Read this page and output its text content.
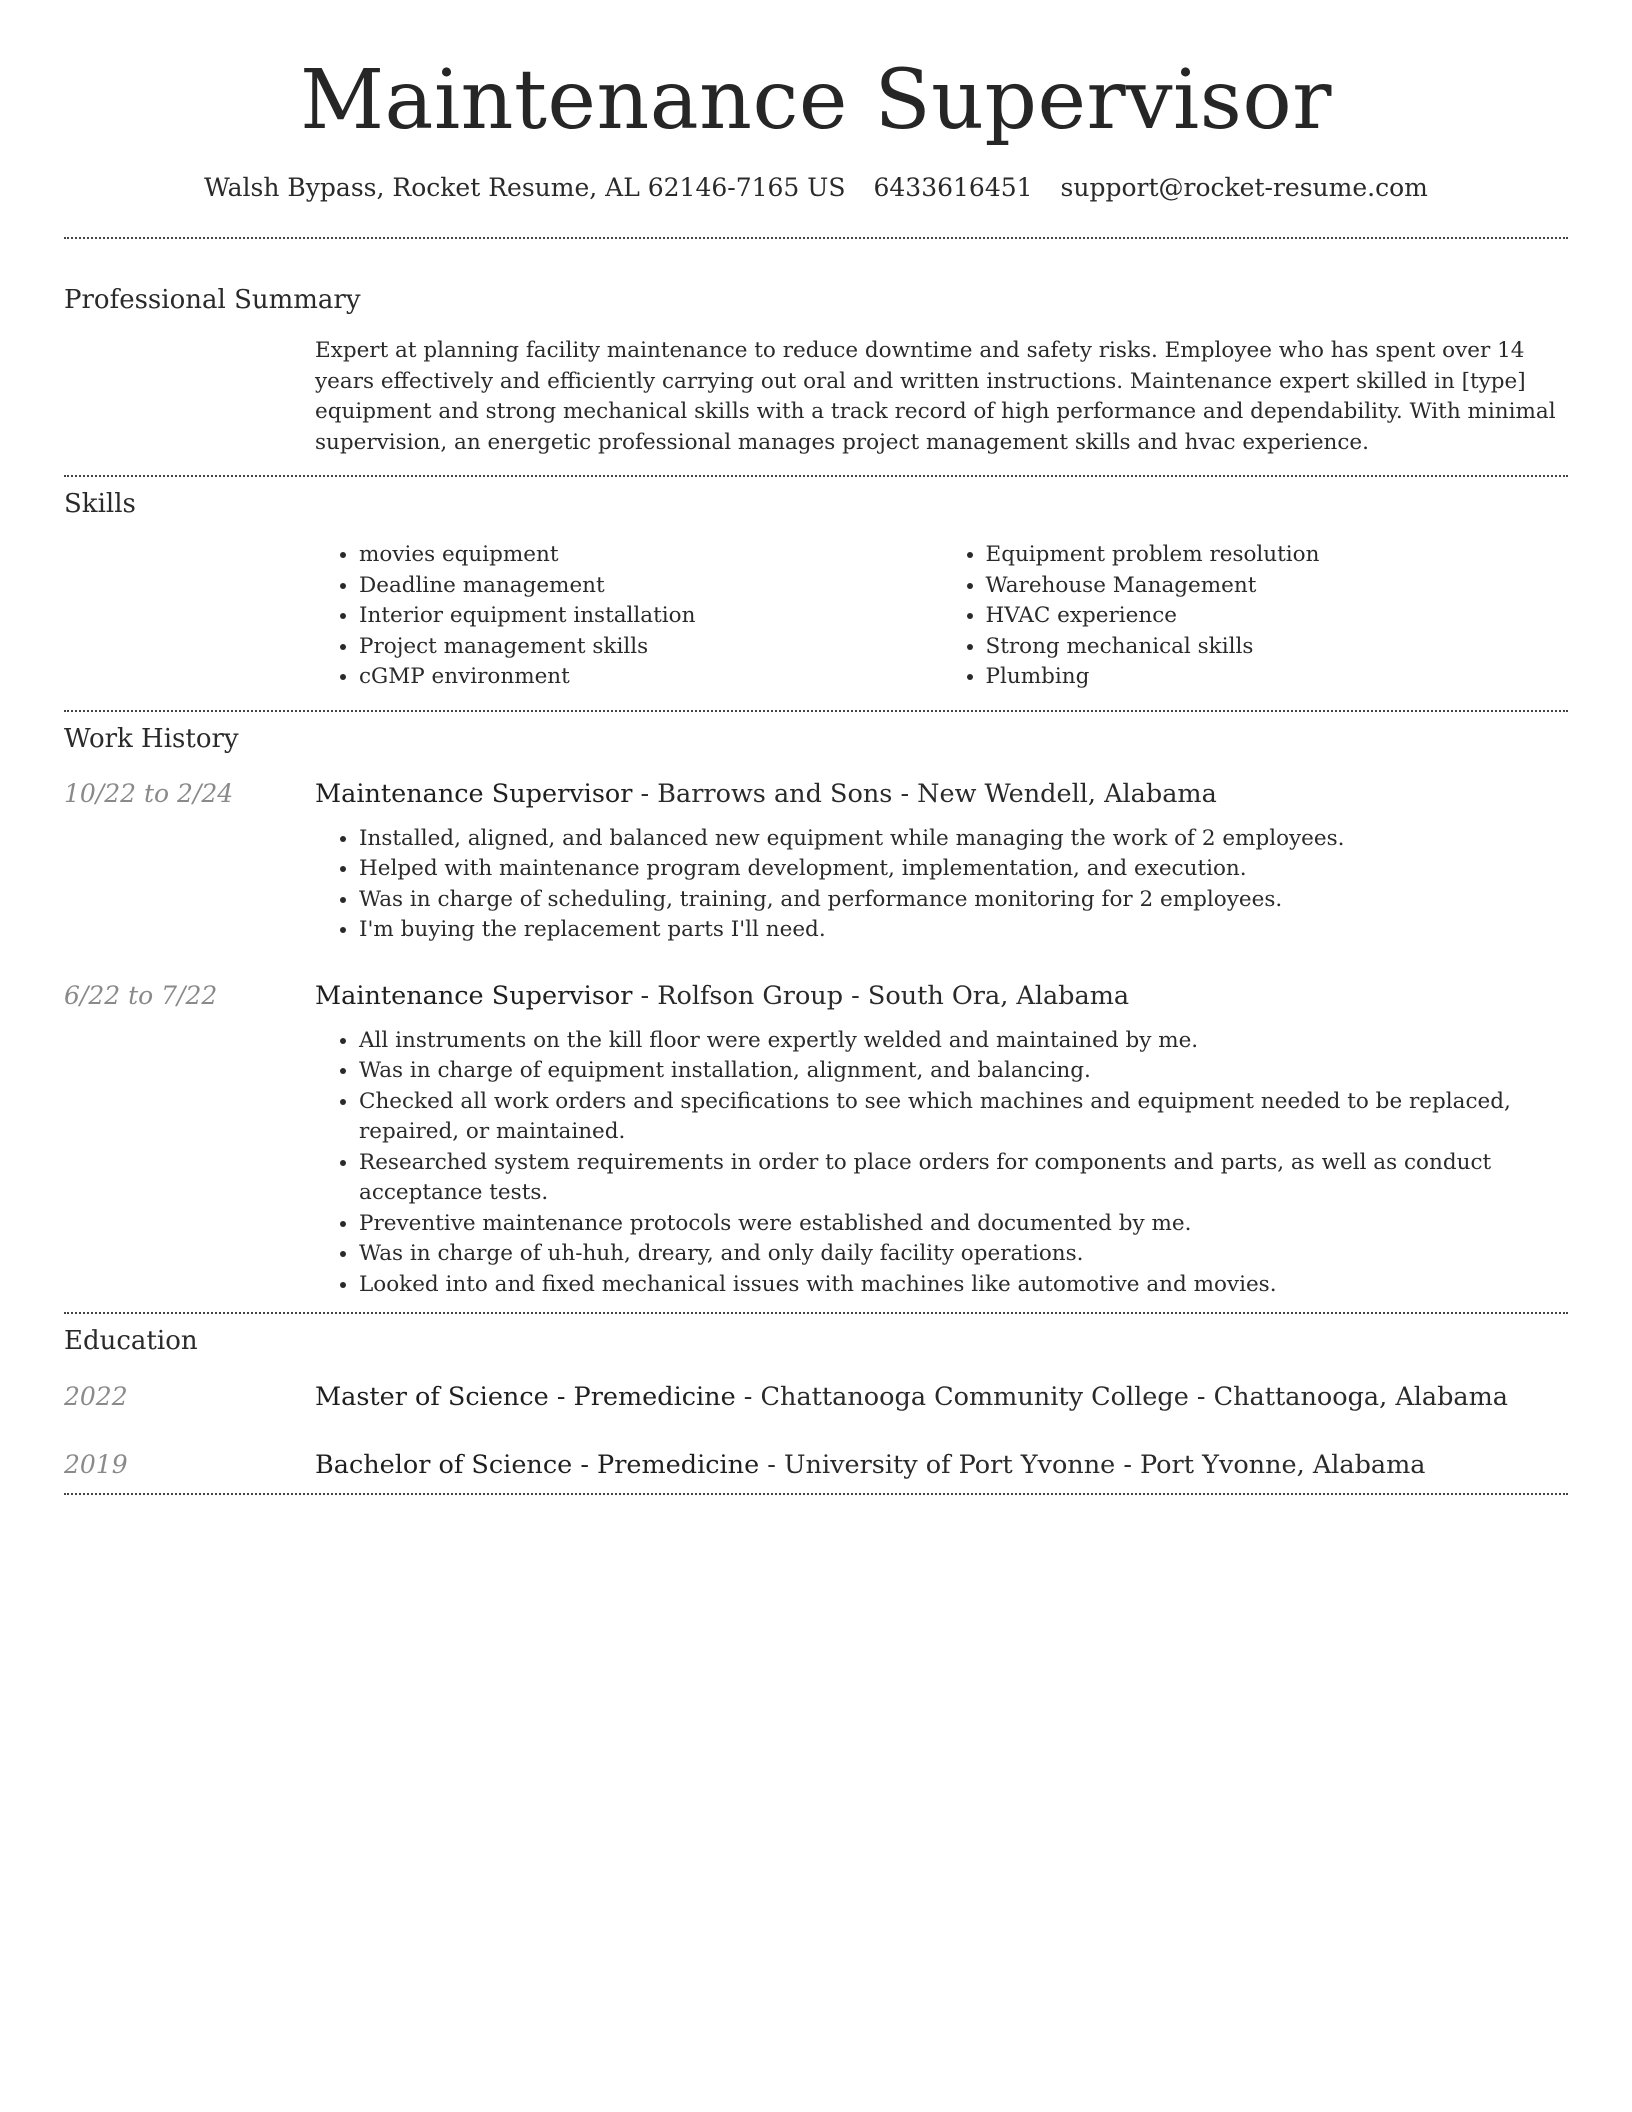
Maintenance Supervisor
Walsh Bypass, Rocket Resume, AL 62146-7165 US 6433616451 support@rocket-resume.com
Professional Summary
Expert at planning facility maintenance to reduce downtime and safety risks. Employee who has spent over 14 years effectively and efficiently carrying out oral and written instructions. Maintenance expert skilled in [type] equipment and strong mechanical skills with a track record of high performance and dependability. With minimal supervision, an energetic professional manages project management skills and hvac experience.
Skills
• movies equipment
• Deadline management
• Interior equipment installation
• Project management skills
• cGMP environment
• Equipment problem resolution
• Warehouse Management
• HVAC experience
• Strong mechanical skills
• Plumbing
Work History
10/22 to 2/24	Maintenance Supervisor - Barrows and Sons - New Wendell, Alabama
• Installed, aligned, and balanced new equipment while managing the work of 2 employees.
• Helped with maintenance program development, implementation, and execution.
• Was in charge of scheduling, training, and performance monitoring for 2 employees.
• I'm buying the replacement parts I'll need.
6/22 to 7/22	Maintenance Supervisor - Rolfson Group - South Ora, Alabama
• All instruments on the kill floor were expertly welded and maintained by me.
• Was in charge of equipment installation, alignment, and balancing.
• Checked all work orders and specifications to see which machines and equipment needed to be replaced, repaired, or maintained.
• Researched system requirements in order to place orders for components and parts, as well as conduct acceptance tests.
• Preventive maintenance protocols were established and documented by me.
• Was in charge of uh-huh, dreary, and only daily facility operations.
• Looked into and fixed mechanical issues with machines like automotive and movies.
Education
2022	Master of Science - Premedicine - Chattanooga Community College - Chattanooga, Alabama
2019	Bachelor of Science - Premedicine - University of Port Yvonne - Port Yvonne, Alabama
